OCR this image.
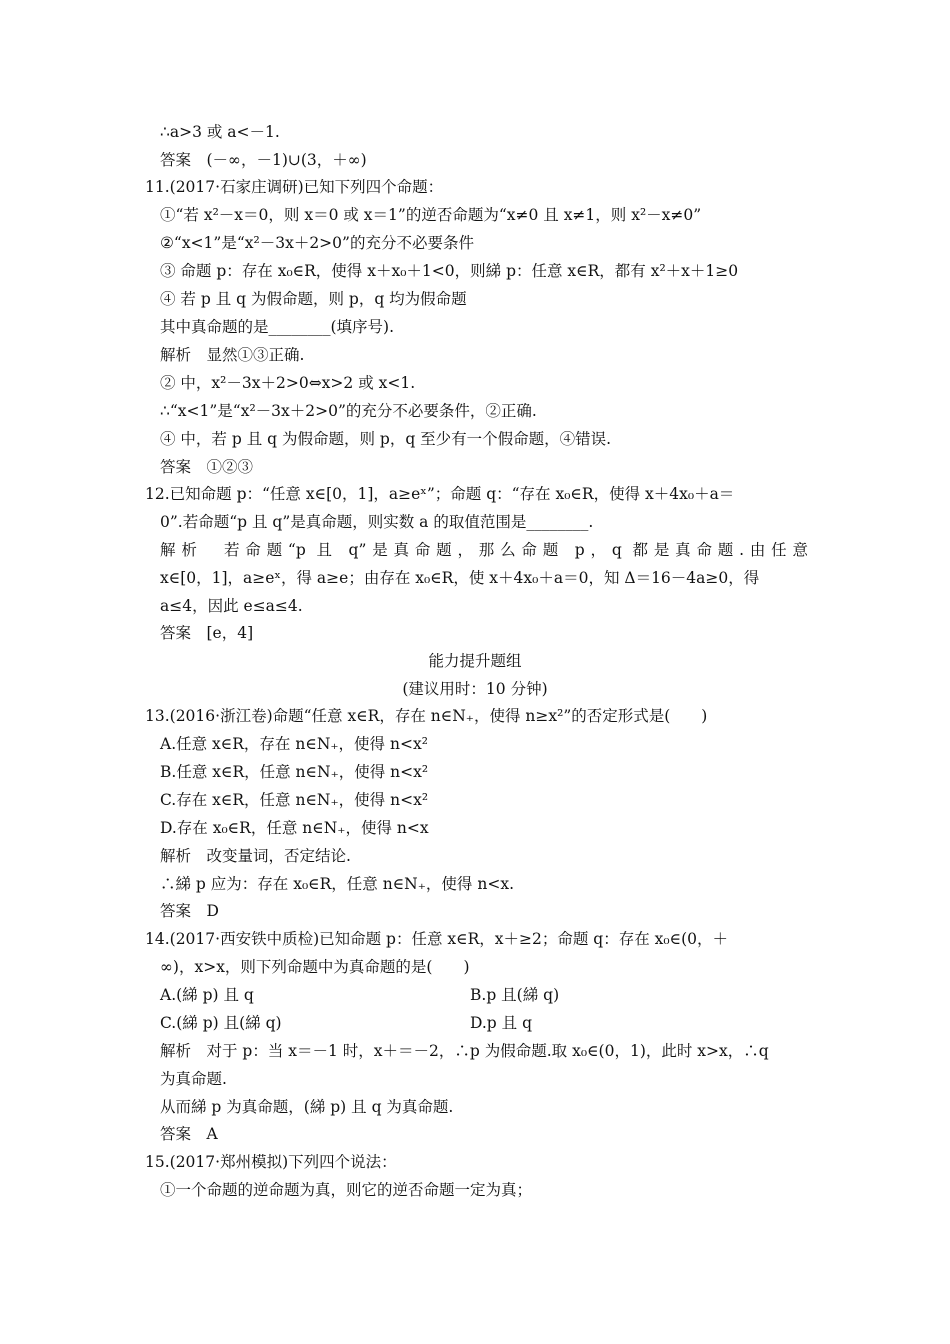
∴a>3 或 a<－1.
答案　(－∞，－1)∪(3，＋∞)
11.(2017·石家庄调研)已知下列四个命题：
①“若 x²－x＝0，则 x＝0 或 x＝1”的逆否命题为“x≠0 且 x≠1，则 x²－x≠0”
②“x<1”是“x²－3x＋2>0”的充分不必要条件
③ 命题 p：存在 x₀∈R，使得 x＋x₀＋1<0，则綈 p：任意 x∈R，都有 x²＋x＋1≥0
④ 若 p 且 q 为假命题，则 p，q 均为假命题
其中真命题的是________(填序号).
解析　显然①③正确.
② 中，x²－3x＋2>0⇔x>2 或 x<1.
∴“x<1”是“x²－3x＋2>0”的充分不必要条件，②正确.
④ 中，若 p 且 q 为假命题，则 p，q 至少有一个假命题，④错误.
答案　①②③
12.已知命题 p：“任意 x∈[0，1]，a≥eˣ”；命题 q：“存在 x₀∈R，使得 x＋4x₀＋a＝
0”.若命题“p 且 q”是真命题，则实数 a 的取值范围是________.
解析　若命题“p 且 q”是真命题，那么命题 p，q 都是真命题.由任意
x∈[0，1]，a≥eˣ，得 a≥e；由存在 x₀∈R，使 x＋4x₀＋a＝0，知 Δ＝16－4a≥0，得
a≤4，因此 e≤a≤4.
答案　[e，4]
能力提升题组
(建议用时：10 分钟)
13.(2016·浙江卷)命题“任意 x∈R，存在 n∈N₊，使得 n≥x²”的否定形式是(　　)
A.任意 x∈R，存在 n∈N₊，使得 n<x²
B.任意 x∈R，任意 n∈N₊，使得 n<x²
C.存在 x∈R，任意 n∈N₊，使得 n<x²
D.存在 x₀∈R，任意 n∈N₊，使得 n<x
解析　改变量词，否定结论.
∴綈 p 应为：存在 x₀∈R，任意 n∈N₊，使得 n<x.
答案　D
14.(2017·西安铁中质检)已知命题 p：任意 x∈R，x＋≥2；命题 q：存在 x₀∈(0，＋
∞)，x>x，则下列命题中为真命题的是(　　)
A.(綈 p) 且 q	B.p 且(綈 q)
C.(綈 p) 且(綈 q)	D.p 且 q
解析　对于 p：当 x＝－1 时，x＋＝－2，∴p 为假命题.取 x₀∈(0，1)，此时 x>x，∴q
为真命题.
从而綈 p 为真命题，(綈 p) 且 q 为真命题.
答案　A
15.(2017·郑州模拟)下列四个说法：
①一个命题的逆命题为真，则它的逆否命题一定为真；
